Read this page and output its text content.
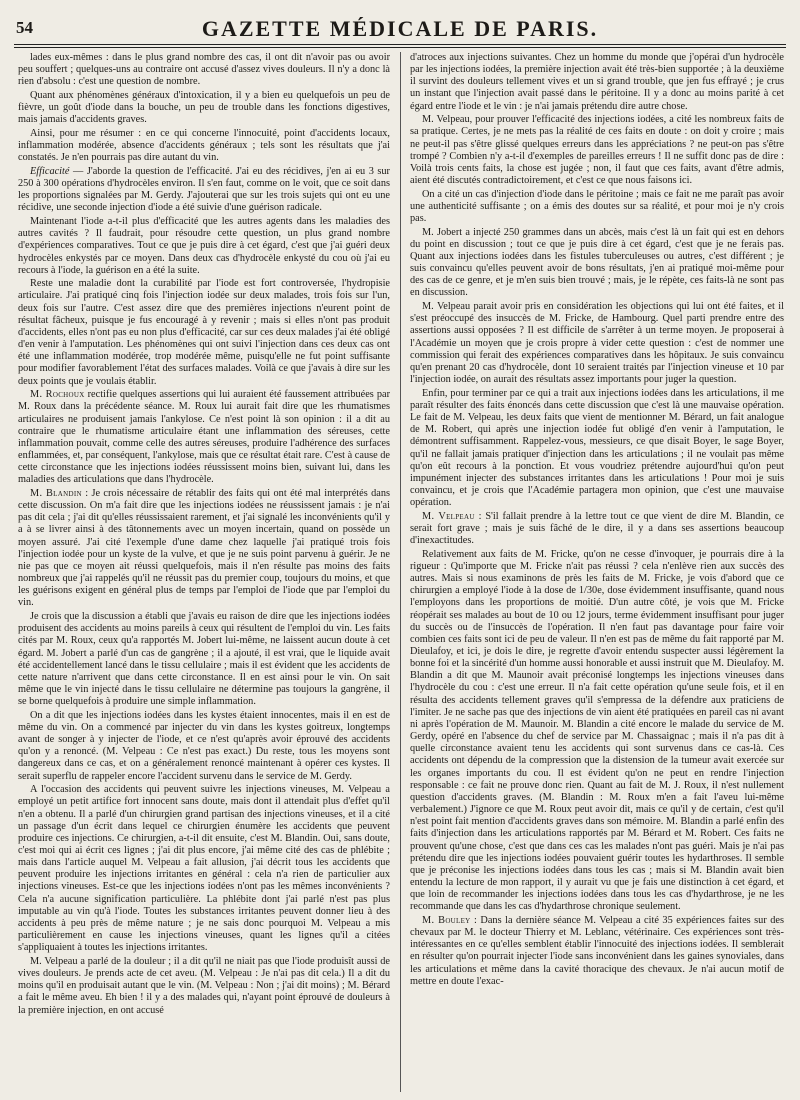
54	GAZETTE MÉDICALE DE PARIS.

lades eux-mêmes : dans le plus grand nombre des cas, il ont dit n'avoir pas ou avoir peu souffert ; quelques-uns au contraire ont accusé d'assez vives douleurs. Il n'y a donc là rien d'absolu : c'est une question de nombre.

Quant aux phénomènes généraux d'intoxication, il y a bien eu quelquefois un peu de fièvre, un goût d'iode dans la bouche, un peu de trouble dans les fonctions digestives, mais jamais d'accidents graves.

Ainsi, pour me résumer : en ce qui concerne l'innocuité, point d'accidents locaux, inflammation modérée, absence d'accidents généraux ; tels sont les résultats que j'ai constatés. Je n'en pourrais pas dire autant du vin.

Efficacité — J'aborde la question de l'efficacité. J'ai eu des récidives, j'en ai eu 3 sur 250 à 300 opérations d'hydrocèles environ. Il s'en faut, comme on le voit, que ce soit dans les proportions signalées par M. Gerdy. J'ajouterai que sur les trois sujets qui ont eu une récidive, une seconde injection d'iode a été suivie d'une guérison radicale.

Maintenant l'iode a-t-il plus d'efficacité que les autres agents dans les maladies des autres cavités ? Il faudrait, pour résoudre cette question, un plus grand nombre d'expériences comparatives. Tout ce que je puis dire à cet égard, c'est que j'ai guéri deux hydrocèles enkystés par ce moyen. Dans deux cas d'hydrocèle enkysté du cou où j'ai eu recours à l'iode, la guérison en a été la suite.

Reste une maladie dont la curabilité par l'iode est fort controversée, l'hydropisie articulaire. J'ai pratiqué cinq fois l'injection iodée sur deux malades, trois fois sur l'un, deux fois sur l'autre. C'est assez dire que des premières injections n'eurent point de résultat fâcheux, puisque je fus encouragé à y revenir ; mais si elles n'ont pas produit d'accidents, elles n'ont pas eu non plus d'efficacité, car sur ces deux malades j'ai été obligé d'en venir à l'amputation. Les phénomènes qui ont suivi l'injection dans ces deux cas ont été une inflammation modérée, trop modérée même, puisqu'elle ne fut point suffisante pour modifier favorablement l'état des surfaces malades. Voilà ce que j'avais à dire sur les deux points que je voulais établir.

M. Rochoux rectifie quelques assertions qui lui auraient été faussement attribuées par M. Roux dans la précédente séance. M. Roux lui aurait fait dire que les rhumatismes articulaires ne produisent jamais l'ankylose. Ce n'est point là son opinion : il a dit au contraire que le rhumatisme articulaire étant une inflammation des séreuses, cette inflammation pouvait, comme celle des autres séreuses, produire l'adhérence des surfaces enflammées, et, par conséquent, l'ankylose, mais que ce résultat était rare. C'est à cause de cette circonstance que les injections iodées réussissent moins bien, suivant lui, dans les maladies des articulations que dans l'hydrocèle.

M. Blandin : Je crois nécessaire de rétablir des faits qui ont été mal interprétés dans cette discussion. On m'a fait dire que les injections iodées ne réussissent jamais : je n'ai pas dit cela ; j'ai dit qu'elles réussissaient rarement, et j'ai signalé les inconvénients qu'il y a à se livrer ainsi à des tâtonnements avec un moyen incertain, quand on possède un moyen assuré. J'ai cité l'exemple d'une dame chez laquelle j'ai pratiqué trois fois l'injection iodée pour un kyste de la vulve, et que je ne suis point parvenu à guérir. Je ne nie pas que ce moyen ait réussi quelquefois, mais il n'en résulte pas moins des faits nombreux que j'ai rappelés qu'il ne réussit pas du premier coup, toujours du moins, et que les guérisons exigent en général plus de temps par l'emploi de l'iode que par l'emploi du vin.

Je crois que la discussion a établi que j'avais eu raison de dire que les injections iodées produisent des accidents au moins pareils à ceux qui résultent de l'emploi du vin. Les faits cités par M. Roux, ceux qu'a rapportés M. Jobert lui-même, ne laissent aucun doute à cet égard. M. Jobert a parlé d'un cas de gangrène ; il a ajouté, il est vrai, que le liquide avait été accidentellement lancé dans le tissu cellulaire ; mais il est évident que les accidents de cette nature n'arrivent que dans cette circonstance. Il en est ainsi pour le vin. On sait même que le vin injecté dans le tissu cellulaire ne détermine pas toujours la gangrène, il se borne quelquefois à produire une simple inflammation.

On a dit que les injections iodées dans les kystes étaient innocentes, mais il en est de même du vin. On a commencé par injecter du vin dans les kystes goitreux, longtemps avant de songer à y injecter de l'iode, et ce n'est qu'après avoir éprouvé des accidents qu'on y a renoncé. (M. Velpeau : Ce n'est pas exact.) Du reste, tous les moyens sont dangereux dans ce cas, et on a généralement renoncé maintenant à opérer ces kystes. Il serait superflu de rappeler encore l'accident survenu dans le service de M. Gerdy.

A l'occasion des accidents qui peuvent suivre les injections vineuses, M. Velpeau a employé un petit artifice fort innocent sans doute, mais dont il attendait plus d'effet qu'il n'en a obtenu. Il a parlé d'un chirurgien grand partisan des injections vineuses, et il a cité un passage d'un écrit dans lequel ce chirurgien énumère les accidents que peuvent produire ces injections. Ce chirurgien, a-t-il dit ensuite, c'est M. Blandin. Oui, sans doute, c'est moi qui ai écrit ces lignes ; j'ai dit plus encore, j'ai même cité des cas de phlébite ; mais dans l'article auquel M. Velpeau a fait allusion, j'ai décrit tous les accidents que peuvent produire les injections irritantes en général : cela n'a rien de particulier aux injections vineuses. Est-ce que les injections iodées n'ont pas les mêmes inconvénients ? Cela n'a aucune signification particulière. La phlébite dont j'ai parlé n'est pas plus imputable au vin qu'à l'iode. Toutes les substances irritantes peuvent donner lieu à des accidents à peu près de même nature ; je ne sais donc pourquoi M. Velpeau a mis particulièrement en cause les injections vineuses, quant les lignes qu'il a citées s'appliquaient à toutes les injections irritantes.

M. Velpeau a parlé de la douleur ; il a dit qu'il ne niait pas que l'iode produisît aussi de vives douleurs. Je prends acte de cet aveu. (M. Velpeau : Je n'ai pas dit cela.) Il a dit du moins qu'il en produisait autant que le vin. (M. Velpeau : Non ; j'ai dit moins) ; M. Bérard a fait le même aveu. Eh bien ! il y a des malades qui, n'ayant point éprouvé de douleurs à la première injection, en ont accusé

d'atroces aux injections suivantes. Chez un homme du monde que j'opérai d'un hydrocèle par les injections iodées, la première injection avait été très-bien supportée ; à la deuxième il survint des douleurs tellement vives et un si grand trouble, que jen fus effrayé ; je crus un instant que l'injection avait passé dans le péritoine. Il y a donc au moins parité à cet égard entre l'iode et le vin : je n'ai jamais prétendu dire autre chose.

M. Velpeau, pour prouver l'efficacité des injections iodées, a cité les nombreux faits de sa pratique. Certes, je ne mets pas la réalité de ces faits en doute : on doit y croire ; mais ne peut-il pas s'être glissé quelques erreurs dans les appréciations ? ne peut-on pas s'être trompé ? Combien n'y a-t-il d'exemples de pareilles erreurs ! Il ne suffit donc pas de dire : Voilà trois cents faits, la chose est jugée ; non, il faut que ces faits, avant d'être admis, aient été discutés contradictoirement, et c'est ce que nous faisons ici.

On a cité un cas d'injection d'iode dans le péritoine ; mais ce fait ne me paraît pas avoir une authenticité suffisante ; on a émis des doutes sur sa réalité, et pour moi je n'y crois pas.

M. Jobert a injecté 250 grammes dans un abcès, mais c'est là un fait qui est en dehors du point en discussion ; tout ce que je puis dire à cet égard, c'est que je ne ferais pas. Quant aux injections iodées dans les fistules tuberculeuses ou autres, c'est différent ; je suis convaincu qu'elles peuvent avoir de bons résultats, j'en ai pratiqué moi-même pour des cas de ce genre, et je m'en suis bien trouvé ; mais, je le répète, ces faits-là ne sont pas en discussion.

M. Velpeau parait avoir pris en considération les objections qui lui ont été faites, et il s'est préoccupé des insuccès de M. Fricke, de Hambourg. Quel parti prendre entre des assertions aussi opposées ? Il est difficile de s'arrêter à un terme moyen. Je proposerai à l'Académie un moyen que je crois propre à vider cette question : c'est de nommer une commission qui ferait des expériences comparatives dans les hôpitaux. Je suis convaincu qu'en prenant 20 cas d'hydrocèle, dont 10 seraient traités par l'injection vineuse et 10 par l'injection iodée, on aurait des résultats assez importants pour juger la question.

Enfin, pour terminer par ce qui a trait aux injections iodées dans les articulations, il me paraît résulter des faits énoncés dans cette discussion que c'est là une mauvaise opération. Le fait de M. Velpeau, les deux faits que vient de mentionner M. Bérard, un fait analogue de M. Robert, qui après une injection iodée fut obligé d'en venir à l'amputation, le démontrent suffisamment. Rappelez-vous, messieurs, ce que disait Boyer, le sage Boyer, qu'il ne fallait jamais pratiquer d'injection dans les articulations ; il ne voulait pas même qu'on eût recours à la ponction. Et vous voudriez prétendre aujourd'hui qu'on peut impunément injecter des substances irritantes dans les articulations ! Pour moi je suis convaincu, et je crois que l'Académie partagera mon opinion, que c'est une mauvaise opération.

M. Velpeau : S'il fallait prendre à la lettre tout ce que vient de dire M. Blandin, ce serait fort grave ; mais je suis fâché de le dire, il y a dans ses assertions beaucoup d'inexactitudes.

Relativement aux faits de M. Fricke, qu'on ne cesse d'invoquer, je pourrais dire à la rigueur : Qu'importe que M. Fricke n'ait pas réussi ? cela n'enlève rien aux succès des autres. Mais si nous examinons de près les faits de M. Fricke, je vois d'abord que ce chirurgien a employé l'iode à la dose de 1/30e, dose évidemment insuffisante, quand nous l'employons dans les proportions de moitié. D'un autre côté, je vois que M. Fricke réopérait ses malades au bout de 10 ou 12 jours, terme évidemment insuffisant pour juger du succès ou de l'insuccès de l'opération. Il n'en faut pas davantage pour faire voir combien ces faits sont ici de peu de valeur. Il n'en est pas de même du fait rapporté par M. Dieulafoy, et ici, je dois le dire, je regrette d'avoir entendu suspecter aussi légèrement la bonne foi et la sincérité d'un homme aussi honorable et aussi instruit que M. Dieulafoy. M. Blandin a dit que M. Maunoir avait préconisé longtemps les injections vineuses dans l'hydrocèle du cou : c'est une erreur. Il n'a fait cette opération qu'une seule fois, et il en résulta des accidents tellement graves qu'il s'empressa de la défendre aux praticiens de l'imiter. Je ne sache pas que des injections de vin aient été pratiquées en pareil cas ni avant ni après l'opération de M. Maunoir. M. Blandin a cité encore le malade du service de M. Gerdy, opéré en l'absence du chef de service par M. Chassaignac ; mais il n'a pas dit à quelle circonstance avaient tenu les accidents qui sont survenus dans ce cas-là. Ces accidents ont dépendu de la compression que la distension de la tumeur avait exercée sur les organes importants du cou. Il est évident qu'on ne peut en rendre l'injection responsable : ce fait ne prouve donc rien. Quant au fait de M. J. Roux, il n'est nullement question d'accidents graves. (M. Blandin : M. Roux m'en a fait l'aveu lui-même verbalement.) J'ignore ce que M. Roux peut avoir dit, mais ce qu'il y de certain, c'est qu'il n'est point fait mention d'accidents graves dans son mémoire. M. Blandin a parlé enfin des faits d'injection dans les articulations rapportés par M. Bérard et M. Robert. Ces faits ne prouvent qu'une chose, c'est que dans ces cas les malades n'ont pas guéri. Mais je n'ai pas prétendu dire que les injections iodées pouvaient guérir toutes les hydarthroses. Il semble que je préconise les injections iodées dans tous les cas ; mais si M. Blandin avait bien entendu la lecture de mon rapport, il y aurait vu que je fais une distinction à cet égard, et que loin de recommander les injections iodées dans tous les cas d'hydarthrose, je ne les recommande que dans les cas d'hydarthrose chronique seulement.

M. Bouley : Dans la dernière séance M. Velpeau a cité 35 expériences faites sur des chevaux par M. le docteur Thierry et M. Leblanc, vétérinaire. Ces expériences sont très-intéressantes en ce qu'elles semblent établir l'innocuité des injections iodées. Il semblerait en résulter qu'on pourrait injecter l'iode sans inconvénient dans les gaines synoviales, dans les articulations et même dans la cavité thoracique des chevaux. Je n'ai aucun motif de mettre en doute l'exac-
